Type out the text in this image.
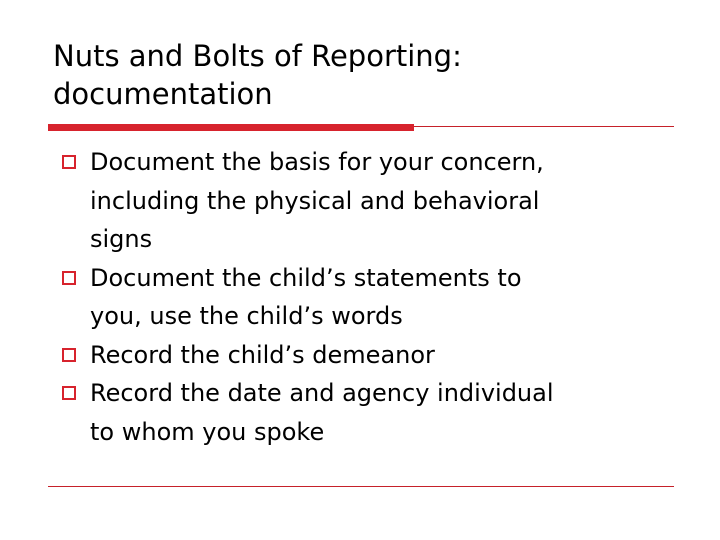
Nuts and Bolts of Reporting:
documentation
Document the basis for your concern,
including the physical and behavioral
signs
Document the child’s statements to
you, use the child’s words
Record the child’s demeanor
Record the date and agency individual
to whom you spoke
